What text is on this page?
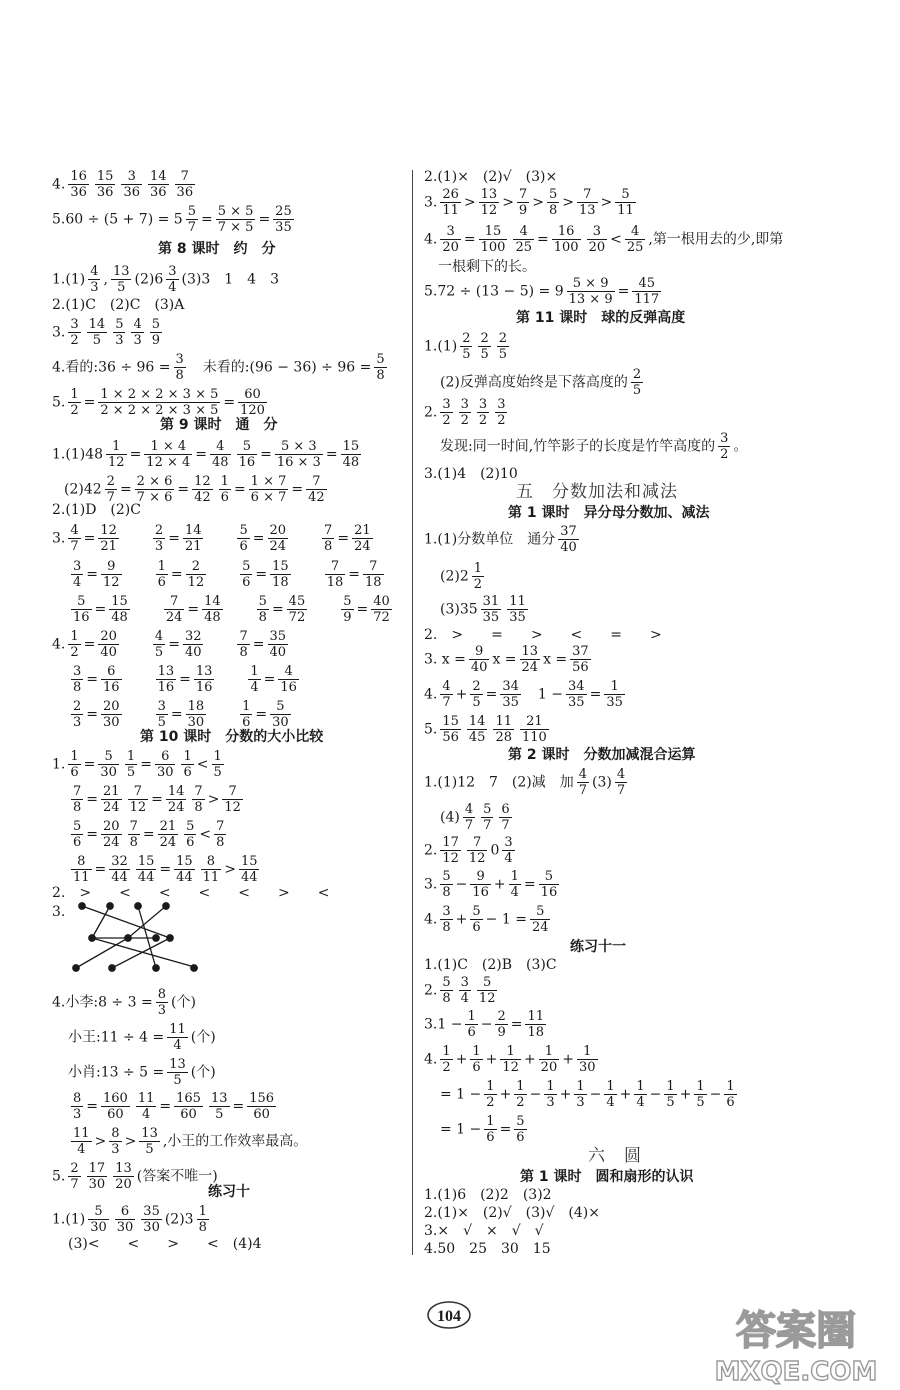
4. $\frac{16}{36} \frac{15}{36} \frac{3}{36} \frac{14}{36} \frac{7}{36}$
$5.60 \div (5 + 7) = 5 \frac{5}{7} = \frac{5 \times 5}{7 \times 5} = \frac{25}{35}$
第 8 课时　约　分
$1.(1) \frac{4}{3}$ , $\frac{13}{5} (2)6 \frac{3}{4} (3)3$　1　4　3
2.(1)C　(2)C　(3)A
3. $\frac{3}{2} \frac{14}{5} \frac{5}{3} \frac{4}{3} \frac{5}{9}$
4.看的:36 ÷ $96 = \frac{3}{8}$ 　未看的:(96 − $36) \div 96 = \frac{5}{8}$
5. $\frac{1}{2} = \frac{1 \times 2 \times 2 \times 3 \times 5}{2 \times 2 \times 2 \times 3 \times 5} = \frac{60}{120}$
第 9 课时　通　分
$1.(1)48 \frac{1}{12} = \frac{1 \times 4}{12 \times 4} = \frac{4}{48} \frac{5}{16} = \frac{5 \times 3}{16 \times 3} = \frac{15}{48}$
$(2)42 \frac{2}{7} = \frac{2 \times 6}{7 \times 6} = \frac{12}{42} \frac{1}{6} = \frac{1 \times 7}{6 \times 7} = \frac{7}{42}$
2.(1)D　(2)C
3. $\frac{4}{7} = \frac{12}{21}$
　　	$\frac{2}{3} = \frac{14}{21}$
　　	$\frac{5}{6} = \frac{20}{24}$
　　	$\frac{7}{8} = \frac{21}{24}$
$\frac{3}{4} = \frac{9}{12}$
　　	$\frac{1}{6} = \frac{2}{12}$
　　	$\frac{5}{6} = \frac{15}{18}$
　　	$\frac{7}{18} = \frac{7}{18}$
$\frac{5}{16} = \frac{15}{48}$
　　	$\frac{7}{24} = \frac{14}{48}$
　　	$\frac{5}{8} = \frac{45}{72}$
　　	$\frac{5}{9} = \frac{40}{72}$
4. $\frac{1}{2} = \frac{20}{40}$
　　	$\frac{4}{5} = \frac{32}{40}$
　　	$\frac{7}{8} = \frac{35}{40}$
$\frac{3}{8} = \frac{6}{16}$
　　	$\frac{13}{16} = \frac{13}{16}$
　　	$\frac{1}{4} = \frac{4}{16}$
$\frac{2}{3} = \frac{20}{30}$
　　	$\frac{3}{5} = \frac{18}{30}$
　　	$\frac{1}{6} = \frac{5}{30}$
第 10 课时　分数的大小比较
1. $\frac{1}{6} = \frac{5}{30} \frac{1}{5} = \frac{6}{30} \frac{1}{6} < \frac{1}{5}$
$\frac{7}{8} = \frac{21}{24} \frac{7}{12} = \frac{14}{24} \frac{7}{8} > \frac{7}{12}$
$\frac{5}{6} = \frac{20}{24} \frac{7}{8} = \frac{21}{24} \frac{5}{6} < \frac{7}{8}$
$\frac{8}{11} = \frac{32}{44} \frac{15}{44} = \frac{15}{44} \frac{8}{11} > \frac{15}{44}$
2.　>　　<　　<　　<　　<　　>　　<
3.
4.小李:8 ÷ $3 = \frac{8}{3}$ (个)
小王:11 ÷ $4 = \frac{11}{4}$ (个)
小肖:13 ÷ $5 = \frac{13}{5}$ (个)
$\frac{8}{3} = \frac{160}{60} \frac{11}{4} = \frac{165}{60} \frac{13}{5} = \frac{156}{60}$
$\frac{11}{4} > \frac{8}{3} > \frac{13}{5}$ ,小王的工作效率最高。
5. $\frac{2}{7} \frac{17}{30} \frac{13}{20}$ (答案不唯一)
练习十
$1.(1) \frac{5}{30} \frac{6}{30} \frac{35}{30} (2)3 \frac{1}{8}$
(3)<　　<　　>　　<　(4)4
2.(1)×　(2)√　(3)×
3. $\frac{26}{11} > \frac{13}{12} > \frac{7}{9} > \frac{5}{8} > \frac{7}{13} > \frac{5}{11}$
4. $\frac{3}{20} = \frac{15}{100} \frac{4}{25} = \frac{16}{100} \frac{3}{20} < \frac{4}{25}$ ,第一根用去的少,即第
一根剩下的长。
$5.72 \div (13 - 5) = 9 \frac{5 \times 9}{13 \times 9} = \frac{45}{117}$
第 11 课时　球的反弹高度
$1.(1) \frac{2}{5} \frac{2}{5} \frac{2}{5}$
(2)反弹高度始终是下落高度的 $\frac{2}{5}$
2. $\frac{3}{2} \frac{3}{2} \frac{3}{2} \frac{3}{2}$
发现:同一时间,竹竿影子的长度是竹竿高度的 $\frac{3}{2}$ 。
3.(1)4　(2)10
五　分数加法和减法
第 1 课时　异分母分数加、减法
1.(1)分数单位　通分 $\frac{37}{40}$
$(2)2 \frac{1}{2}$
$(3)35 \frac{31}{35} \frac{11}{35}$
2.　>　　=　　>　　<　　=　　>
3. $x = \frac{9}{40}$ $x = \frac{13}{24}$ $x = \frac{37}{56}$
4. $\frac{4}{7} + \frac{2}{5} = \frac{34}{35}$ 　$1 - \frac{34}{35} = \frac{1}{35}$
5. $\frac{15}{56} \frac{14}{45} \frac{11}{28} \frac{21}{110}$
第 2 课时　分数加减混合运算
1.(1)12　7　(2)减　加 $\frac{4}{7} (3) \frac{4}{7}$
$(4) \frac{4}{7} \frac{5}{7} \frac{6}{7}$
2. $\frac{17}{12} \frac{7}{12} 0 \frac{3}{4}$
3. $\frac{5}{8} - \frac{9}{16} + \frac{1}{4} = \frac{5}{16}$
4. $\frac{3}{8} + \frac{5}{6} - 1 = \frac{5}{24}$
练习十一
1.(1)C　(2)B　(3)C
2. $\frac{5}{8} \frac{3}{4} \frac{5}{12}$
$3.1 - \frac{1}{6} - \frac{2}{9} = \frac{11}{18}$
4. $\frac{1}{2} + \frac{1}{6} + \frac{1}{12} + \frac{1}{20} + \frac{1}{30}$
= $1 - \frac{1}{2} + \frac{1}{2} - \frac{1}{3} + \frac{1}{3} - \frac{1}{4} + \frac{1}{4} - \frac{1}{5} + \frac{1}{5} - \frac{1}{6}$
= $1 - \frac{1}{6} = \frac{5}{6}$
六　圆
第 1 课时　圆和扇形的认识
1.(1)6　(2)2　(3)2
2.(1)×　(2)√　(3)√　(4)×
3.×　√　×　√　√
4.50　25　30　15
104	答案圈
MXQE.COM
